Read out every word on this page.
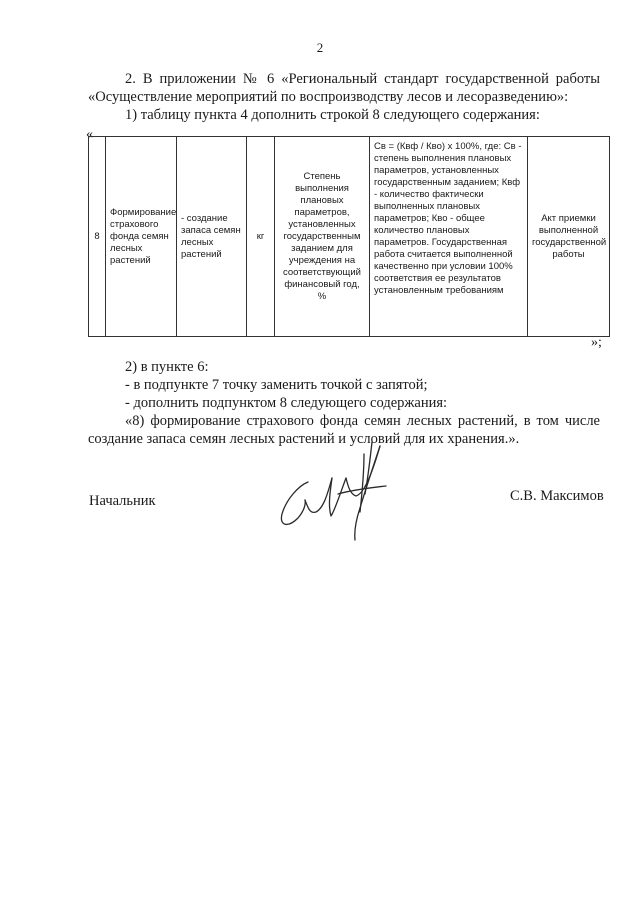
2
2. В приложении № 6 «Региональный стандарт государственной работы
«Осуществление мероприятий по воспроизводству лесов и лесоразведению»:
1) таблицу пункта 4 дополнить строкой 8 следующего содержания:
«
8	Формирование страхового фонда семян лесных растений	- создание запаса семян лесных растений	кг	Степень выполнения плановых параметров, установленных государственным заданием для учреждения на соответствующий финансовый год, %	Св = (Квф / Кво) x 100%, где: Св - степень выполнения плановых параметров, установленных государственным заданием; Квф - количество фактически выполненных плановых параметров; Кво - общее количество плановых параметров. Государственная работа считается выполненной качественно при условии 100% соответствия ее результатов установленным требованиям	Акт приемки выполненной государственной работы
»;
2) в пункте 6:
- в подпункте 7 точку заменить точкой с запятой;
- дополнить подпунктом 8 следующего содержания:
«8) формирование страхового фонда семян лесных растений, в том числе
создание запаса семян лесных растений и условий для их хранения.».
Начальник	С.В. Максимов
